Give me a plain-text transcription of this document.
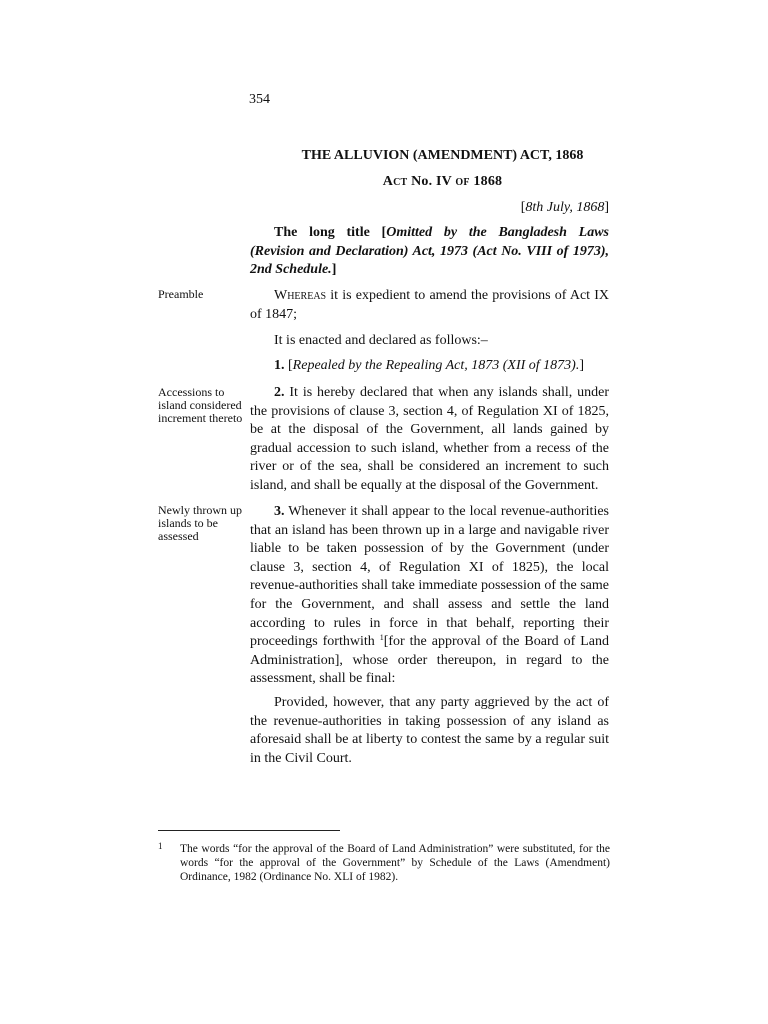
354
THE ALLUVION (AMENDMENT) ACT, 1868
Act No. IV of 1868
[8th July, 1868]
The long title [Omitted by the Bangladesh Laws (Revision and Declaration) Act, 1973 (Act No. VIII of 1973), 2nd Schedule.]
Preamble
Accessions to island considered increment thereto
Newly thrown up islands to be assessed
Whereas it is expedient to amend the provisions of Act IX of 1847;
It is enacted and declared as follows:–
1. [Repealed by the Repealing Act, 1873 (XII of 1873).]
2. It is hereby declared that when any islands shall, under the provisions of clause 3, section 4, of Regulation XI of 1825, be at the disposal of the Government, all lands gained by gradual accession to such island, whether from a recess of the river or of the sea, shall be considered an increment to such island, and shall be equally at the disposal of the Government.
3. Whenever it shall appear to the local revenue-authorities that an island has been thrown up in a large and navigable river liable to be taken possession of by the Government (under clause 3, section 4, of Regulation XI of 1825), the local revenue-authorities shall take immediate possession of the same for the Government, and shall assess and settle the land according to rules in force in that behalf, reporting their proceedings forthwith $^1$[for the approval of the Board of Land Administration], whose order thereupon, in regard to the assessment, shall be final:
Provided, however, that any party aggrieved by the act of the revenue-authorities in taking possession of any island as aforesaid shall be at liberty to contest the same by a regular suit in the Civil Court.
1 The words “for the approval of the Board of Land Administration” were substituted, for the words “for the approval of the Government” by Schedule of the Laws (Amendment) Ordinance, 1982 (Ordinance No. XLI of 1982).
